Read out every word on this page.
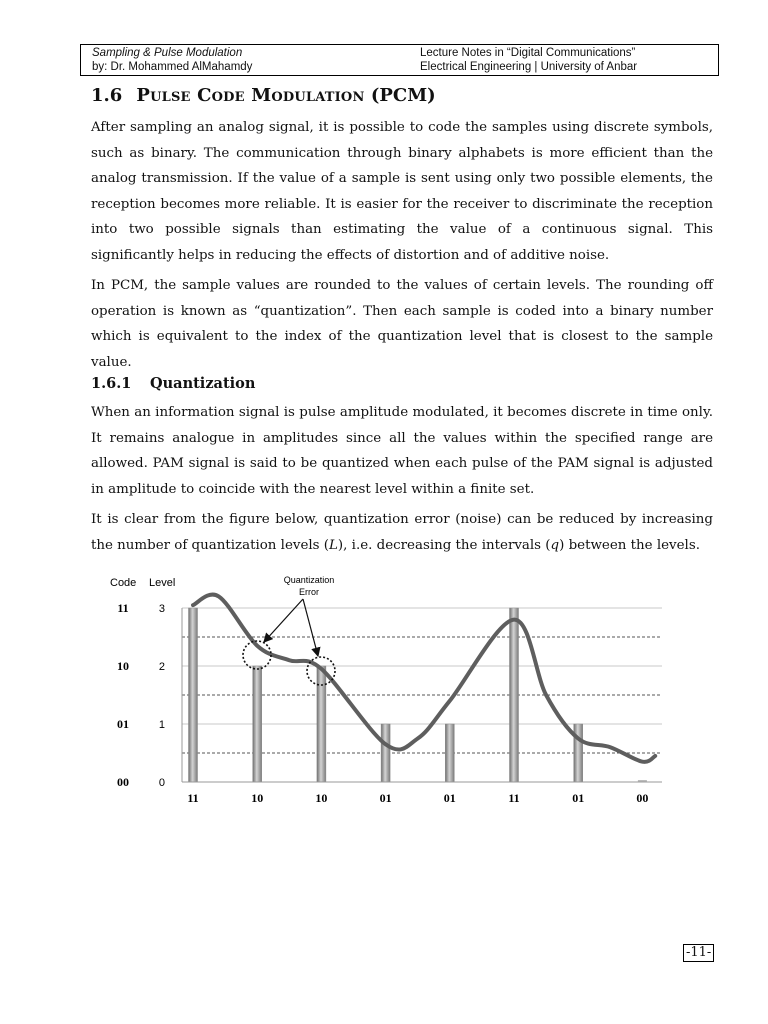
Sampling & Pulse Modulation
by: Dr. Mohammed AlMahamdy
Lecture Notes in “Digital Communications”
Electrical Engineering | University of Anbar
1.6 Pulse Code Modulation (PCM)
After sampling an analog signal, it is possible to code the samples using discrete symbols, such as binary. The communication through binary alphabets is more efficient than the analog transmission. If the value of a sample is sent using only two possible elements, the reception becomes more reliable. It is easier for the receiver to discriminate the reception into two possible signals than estimating the value of a continuous signal. This significantly helps in reducing the effects of distortion and of additive noise.
In PCM, the sample values are rounded to the values of certain levels. The rounding off operation is known as “quantization”. Then each sample is coded into a binary number which is equivalent to the index of the quantization level that is closest to the sample value.
1.6.1 Quantization
When an information signal is pulse amplitude modulated, it becomes discrete in time only. It remains analogue in amplitudes since all the values within the specified range are allowed. PAM signal is said to be quantized when each pulse of the PAM signal is adjusted in amplitude to coincide with the nearest level within a finite set.
It is clear from the figure below, quantization error (noise) can be reduced by increasing the number of quantization levels (L), i.e. decreasing the intervals (q) between the levels.
0
1
2
3
00
01
10
11
11	10	10	01	01	11	01	00
Code Level	Quantization
Error
-11-
